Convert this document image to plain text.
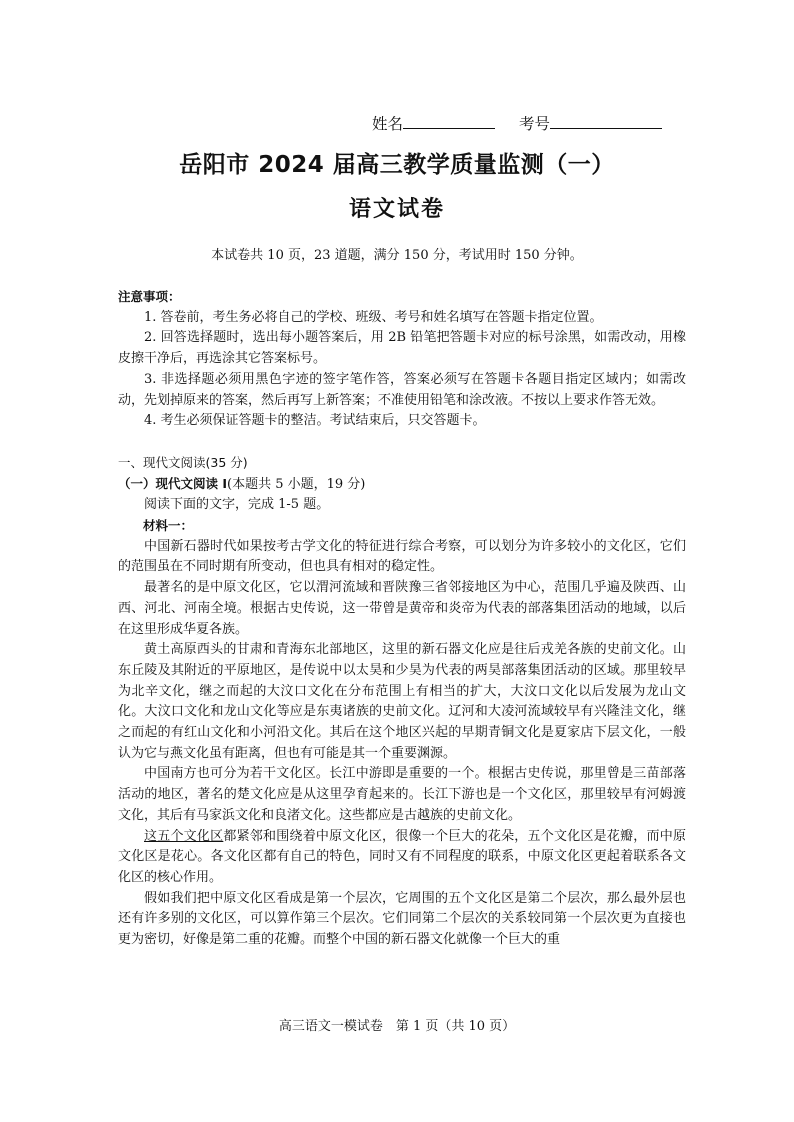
姓名	考号
岳阳市 2024 届高三教学质量监测（一）
语文试卷
本试卷共 10 页，23 道题，满分 150 分，考试用时 150 分钟。

注意事项：

1. 答卷前，考生务必将自己的学校、班级、考号和姓名填写在答题卡指定位置。

2. 回答选择题时，选出每小题答案后，用 2B 铅笔把答题卡对应的标号涂黑，如需改动，用橡皮擦干净后，再选涂其它答案标号。

3. 非选择题必须用黑色字迹的签字笔作答，答案必须写在答题卡各题目指定区域内；如需改动，先划掉原来的答案，然后再写上新答案；不准使用铅笔和涂改液。不按以上要求作答无效。

4. 考生必须保证答题卡的整洁。考试结束后，只交答题卡。

一、现代文阅读(35 分)

（一）现代文阅读 I(本题共 5 小题，19 分)

阅读下面的文字，完成 1-5 题。

材料一：

中国新石器时代如果按考古学文化的特征进行综合考察，可以划分为许多较小的文化区，它们的范围虽在不同时期有所变动，但也具有相对的稳定性。

最著名的是中原文化区，它以渭河流域和晋陕豫三省邻接地区为中心，范围几乎遍及陕西、山西、河北、河南全境。根据古史传说，这一带曾是黄帝和炎帝为代表的部落集团活动的地域，以后在这里形成华夏各族。

黄土高原西头的甘肃和青海东北部地区，这里的新石器文化应是往后戎羌各族的史前文化。山东丘陵及其附近的平原地区，是传说中以太昊和少昊为代表的两昊部落集团活动的区域。那里较早为北辛文化，继之而起的大汶口文化在分布范围上有相当的扩大，大汶口文化以后发展为龙山文化。大汶口文化和龙山文化等应是东夷诸族的史前文化。辽河和大凌河流域较早有兴隆洼文化，继之而起的有红山文化和小河沿文化。其后在这个地区兴起的早期青铜文化是夏家店下层文化，一般认为它与燕文化虽有距离，但也有可能是其一个重要渊源。

中国南方也可分为若干文化区。长江中游即是重要的一个。根据古史传说，那里曾是三苗部落活动的地区，著名的楚文化应是从这里孕育起来的。长江下游也是一个文化区，那里较早有河姆渡文化，其后有马家浜文化和良渚文化。这些都应是古越族的史前文化。

这五个文化区都紧邻和围绕着中原文化区，很像一个巨大的花朵，五个文化区是花瓣，而中原文化区是花心。各文化区都有自己的特色，同时又有不同程度的联系，中原文化区更起着联系各文化区的核心作用。

假如我们把中原文化区看成是第一个层次，它周围的五个文化区是第二个层次，那么最外层也还有许多别的文化区，可以算作第三个层次。它们同第二个层次的关系较同第一个层次更为直接也更为密切，好像是第二重的花瓣。而整个中国的新石器文化就像一个巨大的重

高三语文一模试卷　第 1 页（共 10 页）
